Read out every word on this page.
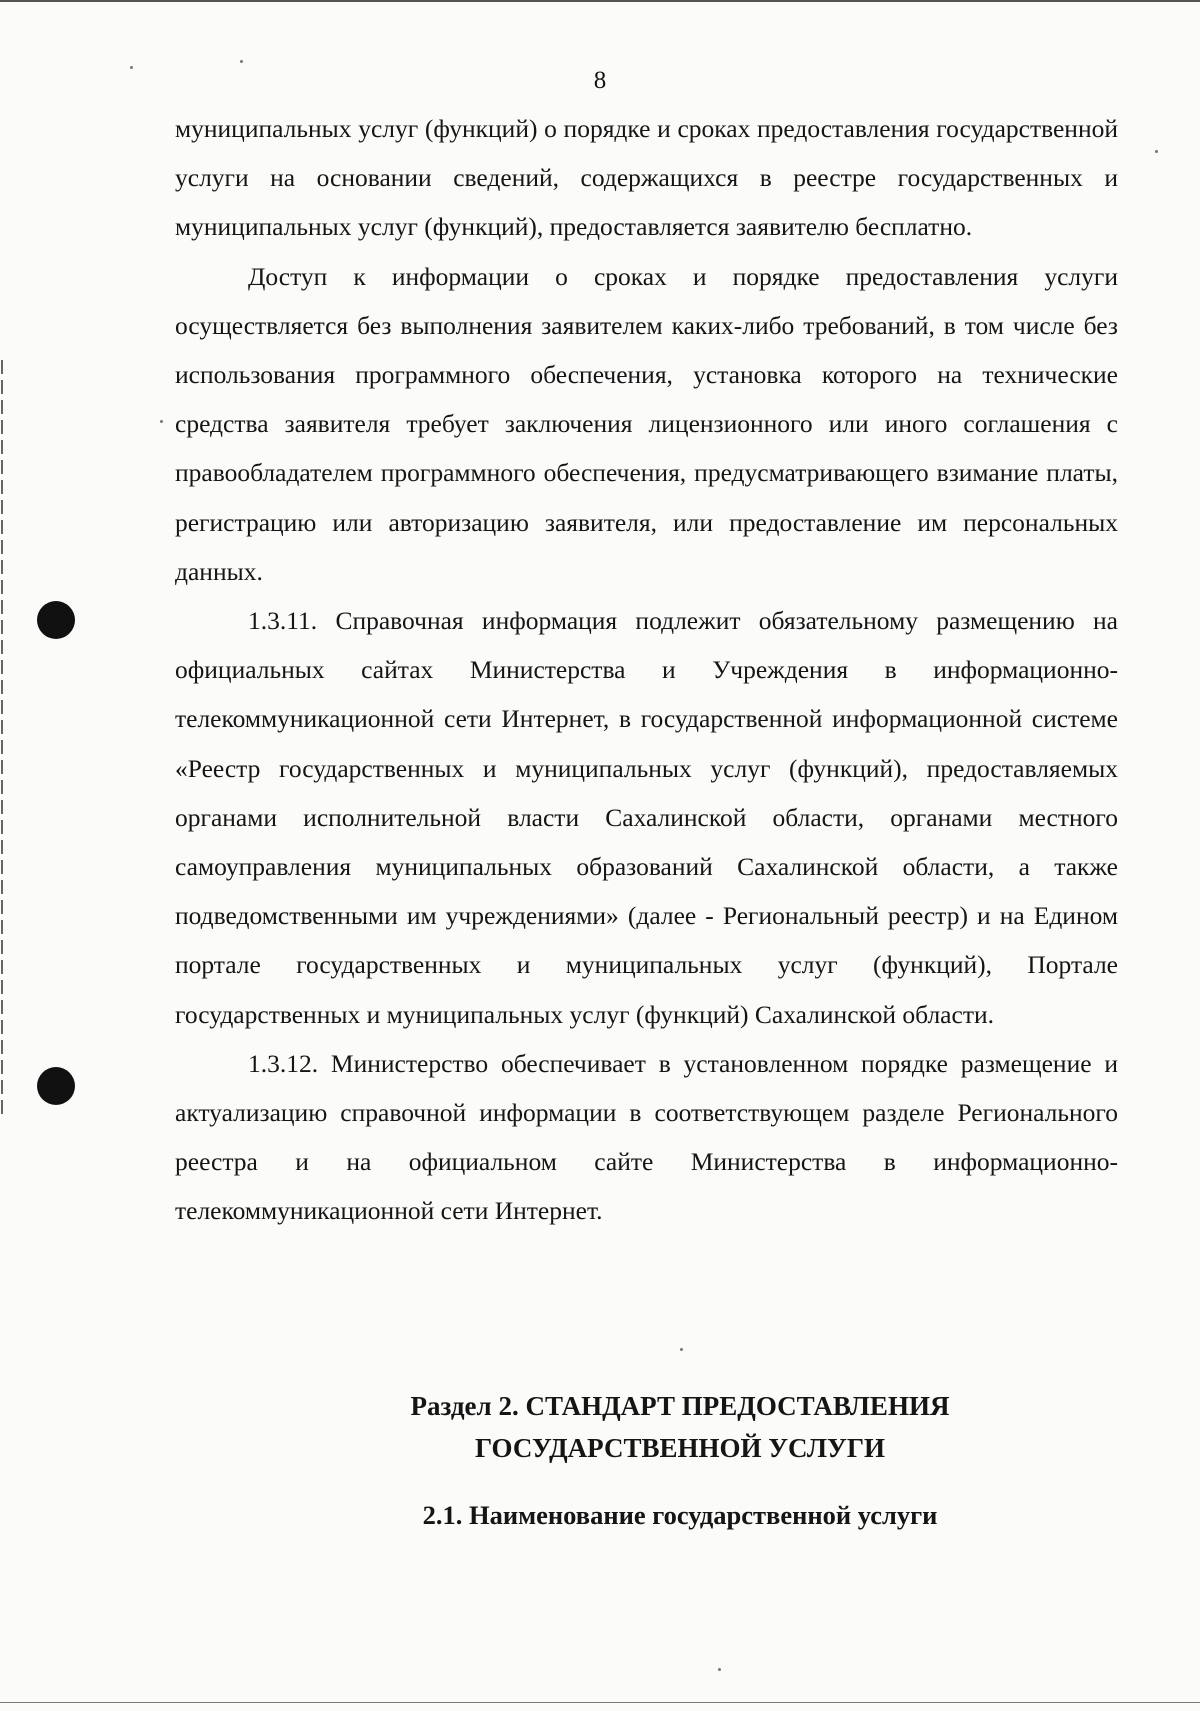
8

муниципальных услуг (функций) о порядке и сроках предоставления государственной услуги на основании сведений, содержащихся в реестре государственных и муниципальных услуг (функций), предоставляется заявителю бесплатно.

Доступ к информации о сроках и порядке предоставления услуги осуществляется без выполнения заявителем каких-либо требований, в том числе без использования программного обеспечения, установка которого на технические средства заявителя требует заключения лицензионного или иного соглашения с правообладателем программного обеспечения, предусматривающего взимание платы, регистрацию или авторизацию заявителя, или предоставление им персональных данных.

1.3.11. Справочная информация подлежит обязательному размещению на официальных сайтах Министерства и Учреждения в информационно-телекоммуникационной сети Интернет, в государственной информационной системе «Реестр государственных и муниципальных услуг (функций), предоставляемых органами исполнительной власти Сахалинской области, органами местного самоуправления муниципальных образований Сахалинской области, а также подведомственными им учреждениями» (далее - Региональный реестр) и на Едином портале государственных и муниципальных услуг (функций), Портале государственных и муниципальных услуг (функций) Сахалинской области.

1.3.12. Министерство обеспечивает в установленном порядке размещение и актуализацию справочной информации в соответствующем разделе Регионального реестра и на официальном сайте Министерства в информационно-телекоммуникационной сети Интернет.

Раздел 2. СТАНДАРТ ПРЕДОСТАВЛЕНИЯ
ГОСУДАРСТВЕННОЙ УСЛУГИ
2.1. Наименование государственной услуги
